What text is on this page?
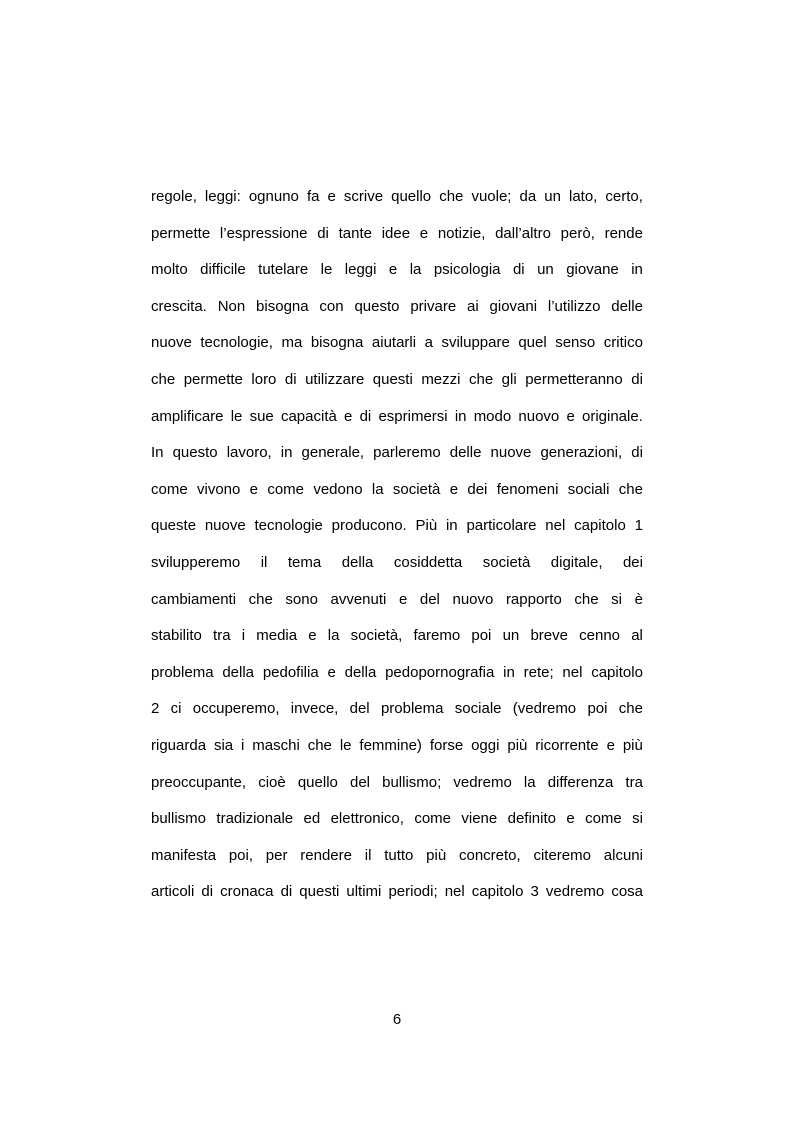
regole, leggi: ognuno fa e scrive quello che vuole; da un lato, certo,
permette l’espressione di tante idee e notizie, dall’altro però, rende
molto difficile tutelare le leggi e la psicologia di un giovane in
crescita. Non bisogna con questo privare ai giovani l’utilizzo delle
nuove tecnologie, ma bisogna aiutarli a sviluppare quel senso critico
che permette loro di utilizzare questi mezzi che gli permetteranno di
amplificare le sue capacità e di esprimersi in modo nuovo e originale.
In questo lavoro, in generale, parleremo delle nuove generazioni, di
come vivono e come vedono la società e dei fenomeni sociali che
queste nuove tecnologie producono. Più in particolare nel capitolo 1
svilupperemo il tema della cosiddetta società digitale, dei
cambiamenti che sono avvenuti e del nuovo rapporto che si è
stabilito tra i media e la società, faremo poi un breve cenno al
problema della pedofilia e della pedopornografia in rete; nel capitolo
2 ci occuperemo, invece, del problema sociale (vedremo poi che
riguarda sia i maschi che le femmine) forse oggi più ricorrente e più
preoccupante, cioè quello del bullismo; vedremo la differenza tra
bullismo tradizionale ed elettronico, come viene definito e come si
manifesta poi, per rendere il tutto più concreto, citeremo alcuni
articoli di cronaca di questi ultimi periodi; nel capitolo 3 vedremo cosa
6
